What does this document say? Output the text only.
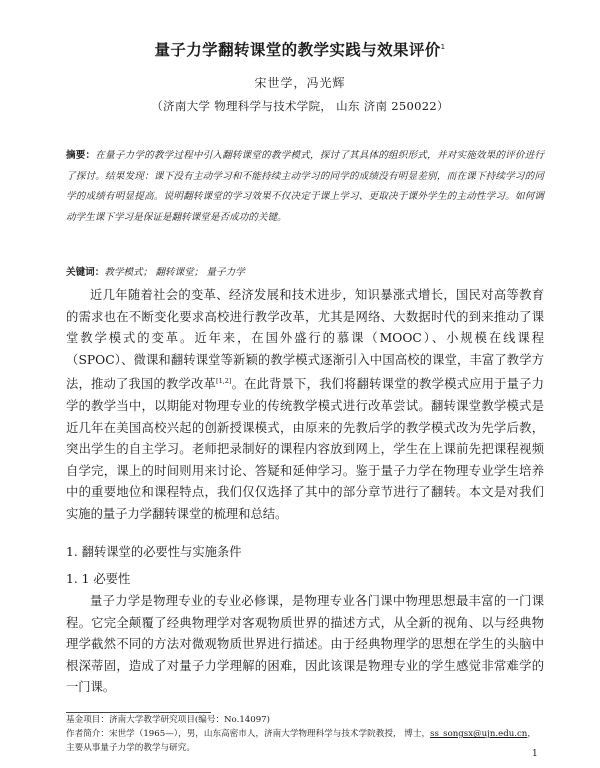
量子力学翻转课堂的教学实践与效果评价$^1$
宋世学，冯光辉
（济南大学 物理科学与技术学院， 山东 济南 250022）
摘要：在量子力学的教学过程中引入翻转课堂的教学模式，探讨了其具体的组织形式，并对实施效果的评价进行了探讨。结果发现：课下没有主动学习和不能持续主动学习的同学的成绩没有明显差别，而在课下持续学习的同学的成绩有明显提高。说明翻转课堂的学习效果不仅决定于课上学习、更取决于课外学生的主动性学习。如何调动学生课下学习是保证是翻转课堂是否成功的关键。
关键词：教学模式； 翻转课堂； 量子力学
近几年随着社会的变革、经济发展和技术进步，知识暴涨式增长，国民对高等教育的需求也在不断变化要求高校进行教学改革，尤其是网络、大数据时代的到来推动了课堂教学模式的变革。近年来，在国外盛行的慕课（MOOC）、小规模在线课程（SPOC）、微课和翻转课堂等新颖的教学模式逐渐引入中国高校的课堂，丰富了教学方法，推动了我国的教学改革[1,2]。在此背景下，我们将翻转课堂的教学模式应用于量子力学的教学当中，以期能对物理专业的传统教学模式进行改革尝试。翻转课堂教学模式是近几年在美国高校兴起的创新授课模式，由原来的先教后学的教学模式改为先学后教，突出学生的自主学习。老师把录制好的课程内容放到网上，学生在上课前先把课程视频自学完，课上的时间则用来讨论、答疑和延伸学习。鉴于量子力学在物理专业学生培养中的重要地位和课程特点，我们仅仅选择了其中的部分章节进行了翻转。本文是对我们实施的量子力学翻转课堂的梳理和总结。
1. 翻转课堂的必要性与实施条件
1. 1 必要性
量子力学是物理专业的专业必修课，是物理专业各门课中物理思想最丰富的一门课程。它完全颠覆了经典物理学对客观物质世界的描述方式，从全新的视角、以与经典物理学截然不同的方法对微观物质世界进行描述。由于经典物理学的思想在学生的头脑中根深蒂固，造成了对量子力学理解的困难，因此该课是物理专业的学生感觉非常难学的一门课。
基金项目：济南大学教学研究项目(编号：No.14097)
作者简介：宋世学（1965—），男，山东高密市人，济南大学物理科学与技术学院教授， 博士，ss_songsx@ujn.edu.cn，主要从事量子力学的教学与研究。
1
